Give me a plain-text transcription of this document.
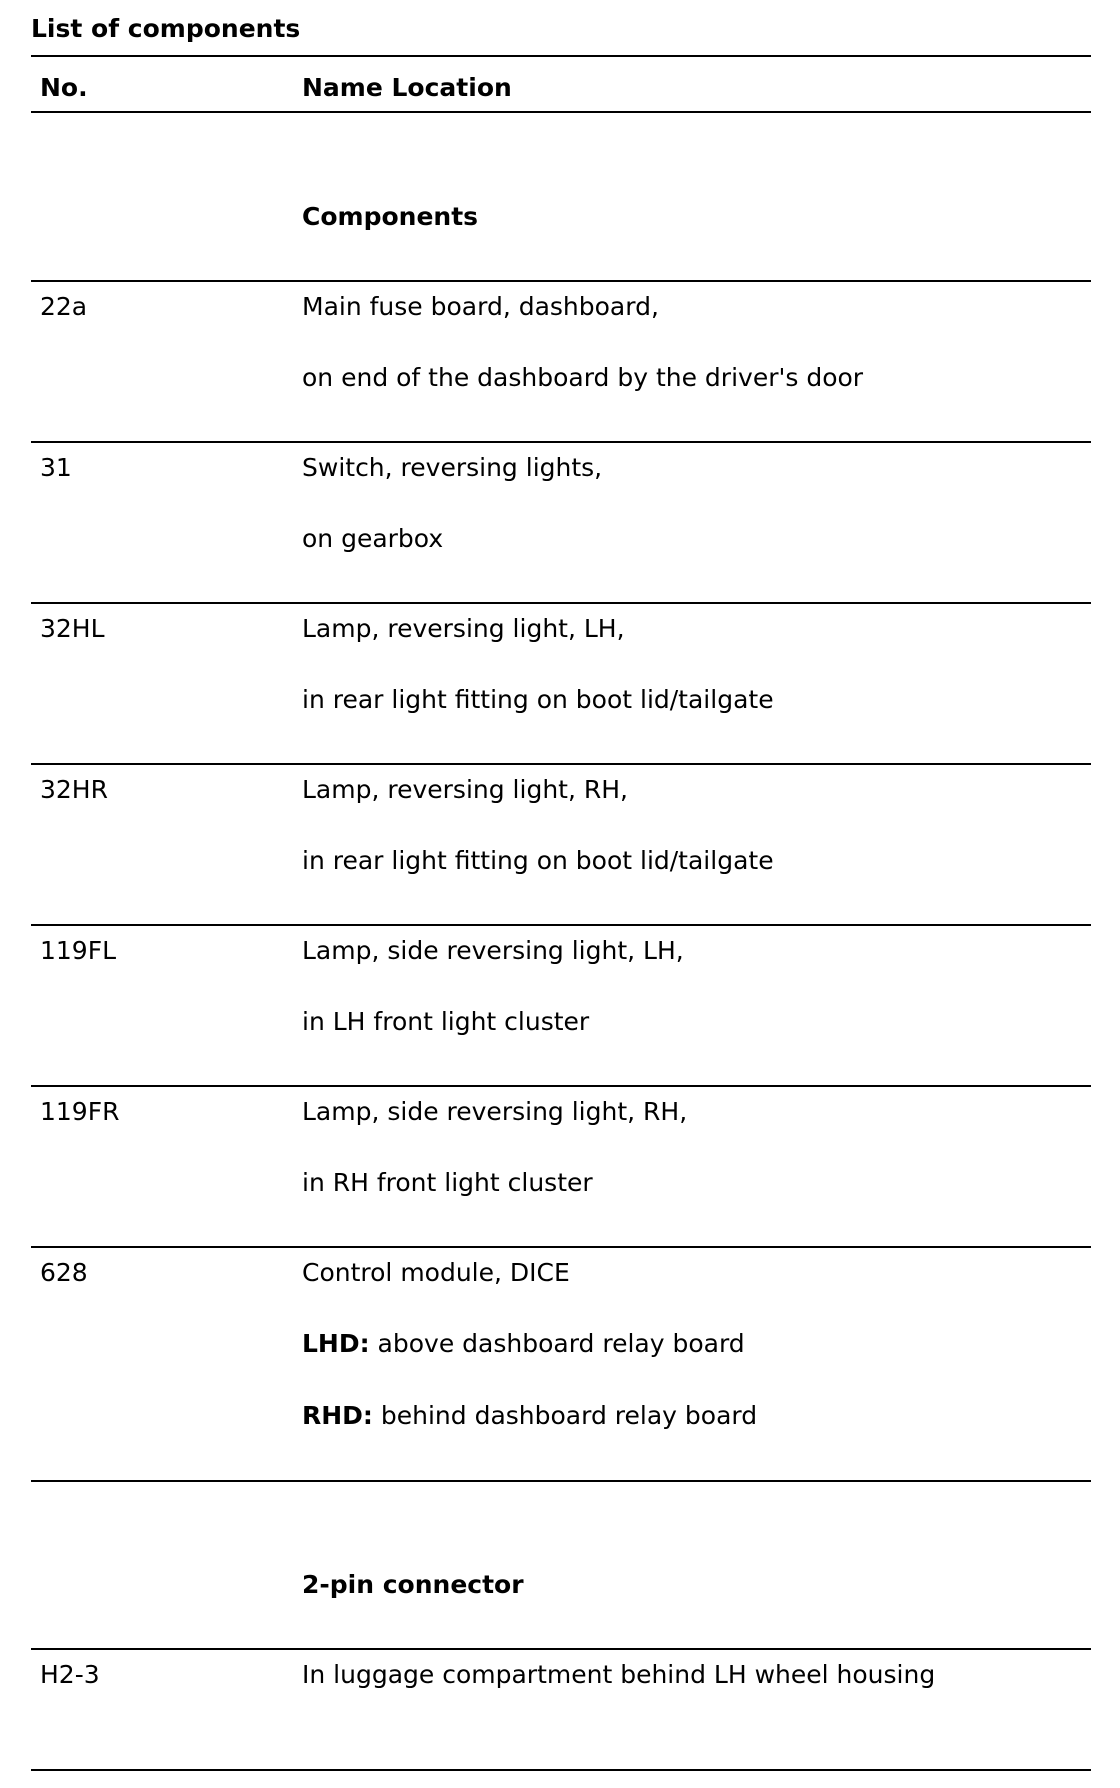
List of components
No.	Name Location
Components
22a	Main fuse board, dashboard,
on end of the dashboard by the driver's door
31	Switch, reversing lights,
on gearbox
32HL	Lamp, reversing light, LH,
in rear light fitting on boot lid/tailgate
32HR	Lamp, reversing light, RH,
in rear light fitting on boot lid/tailgate
119FL	Lamp, side reversing light, LH,
in LH front light cluster
119FR	Lamp, side reversing light, RH,
in RH front light cluster
628	Control module, DICE
LHD: above dashboard relay board
RHD: behind dashboard relay board
2-pin connector
H2-3	In luggage compartment behind LH wheel housing
